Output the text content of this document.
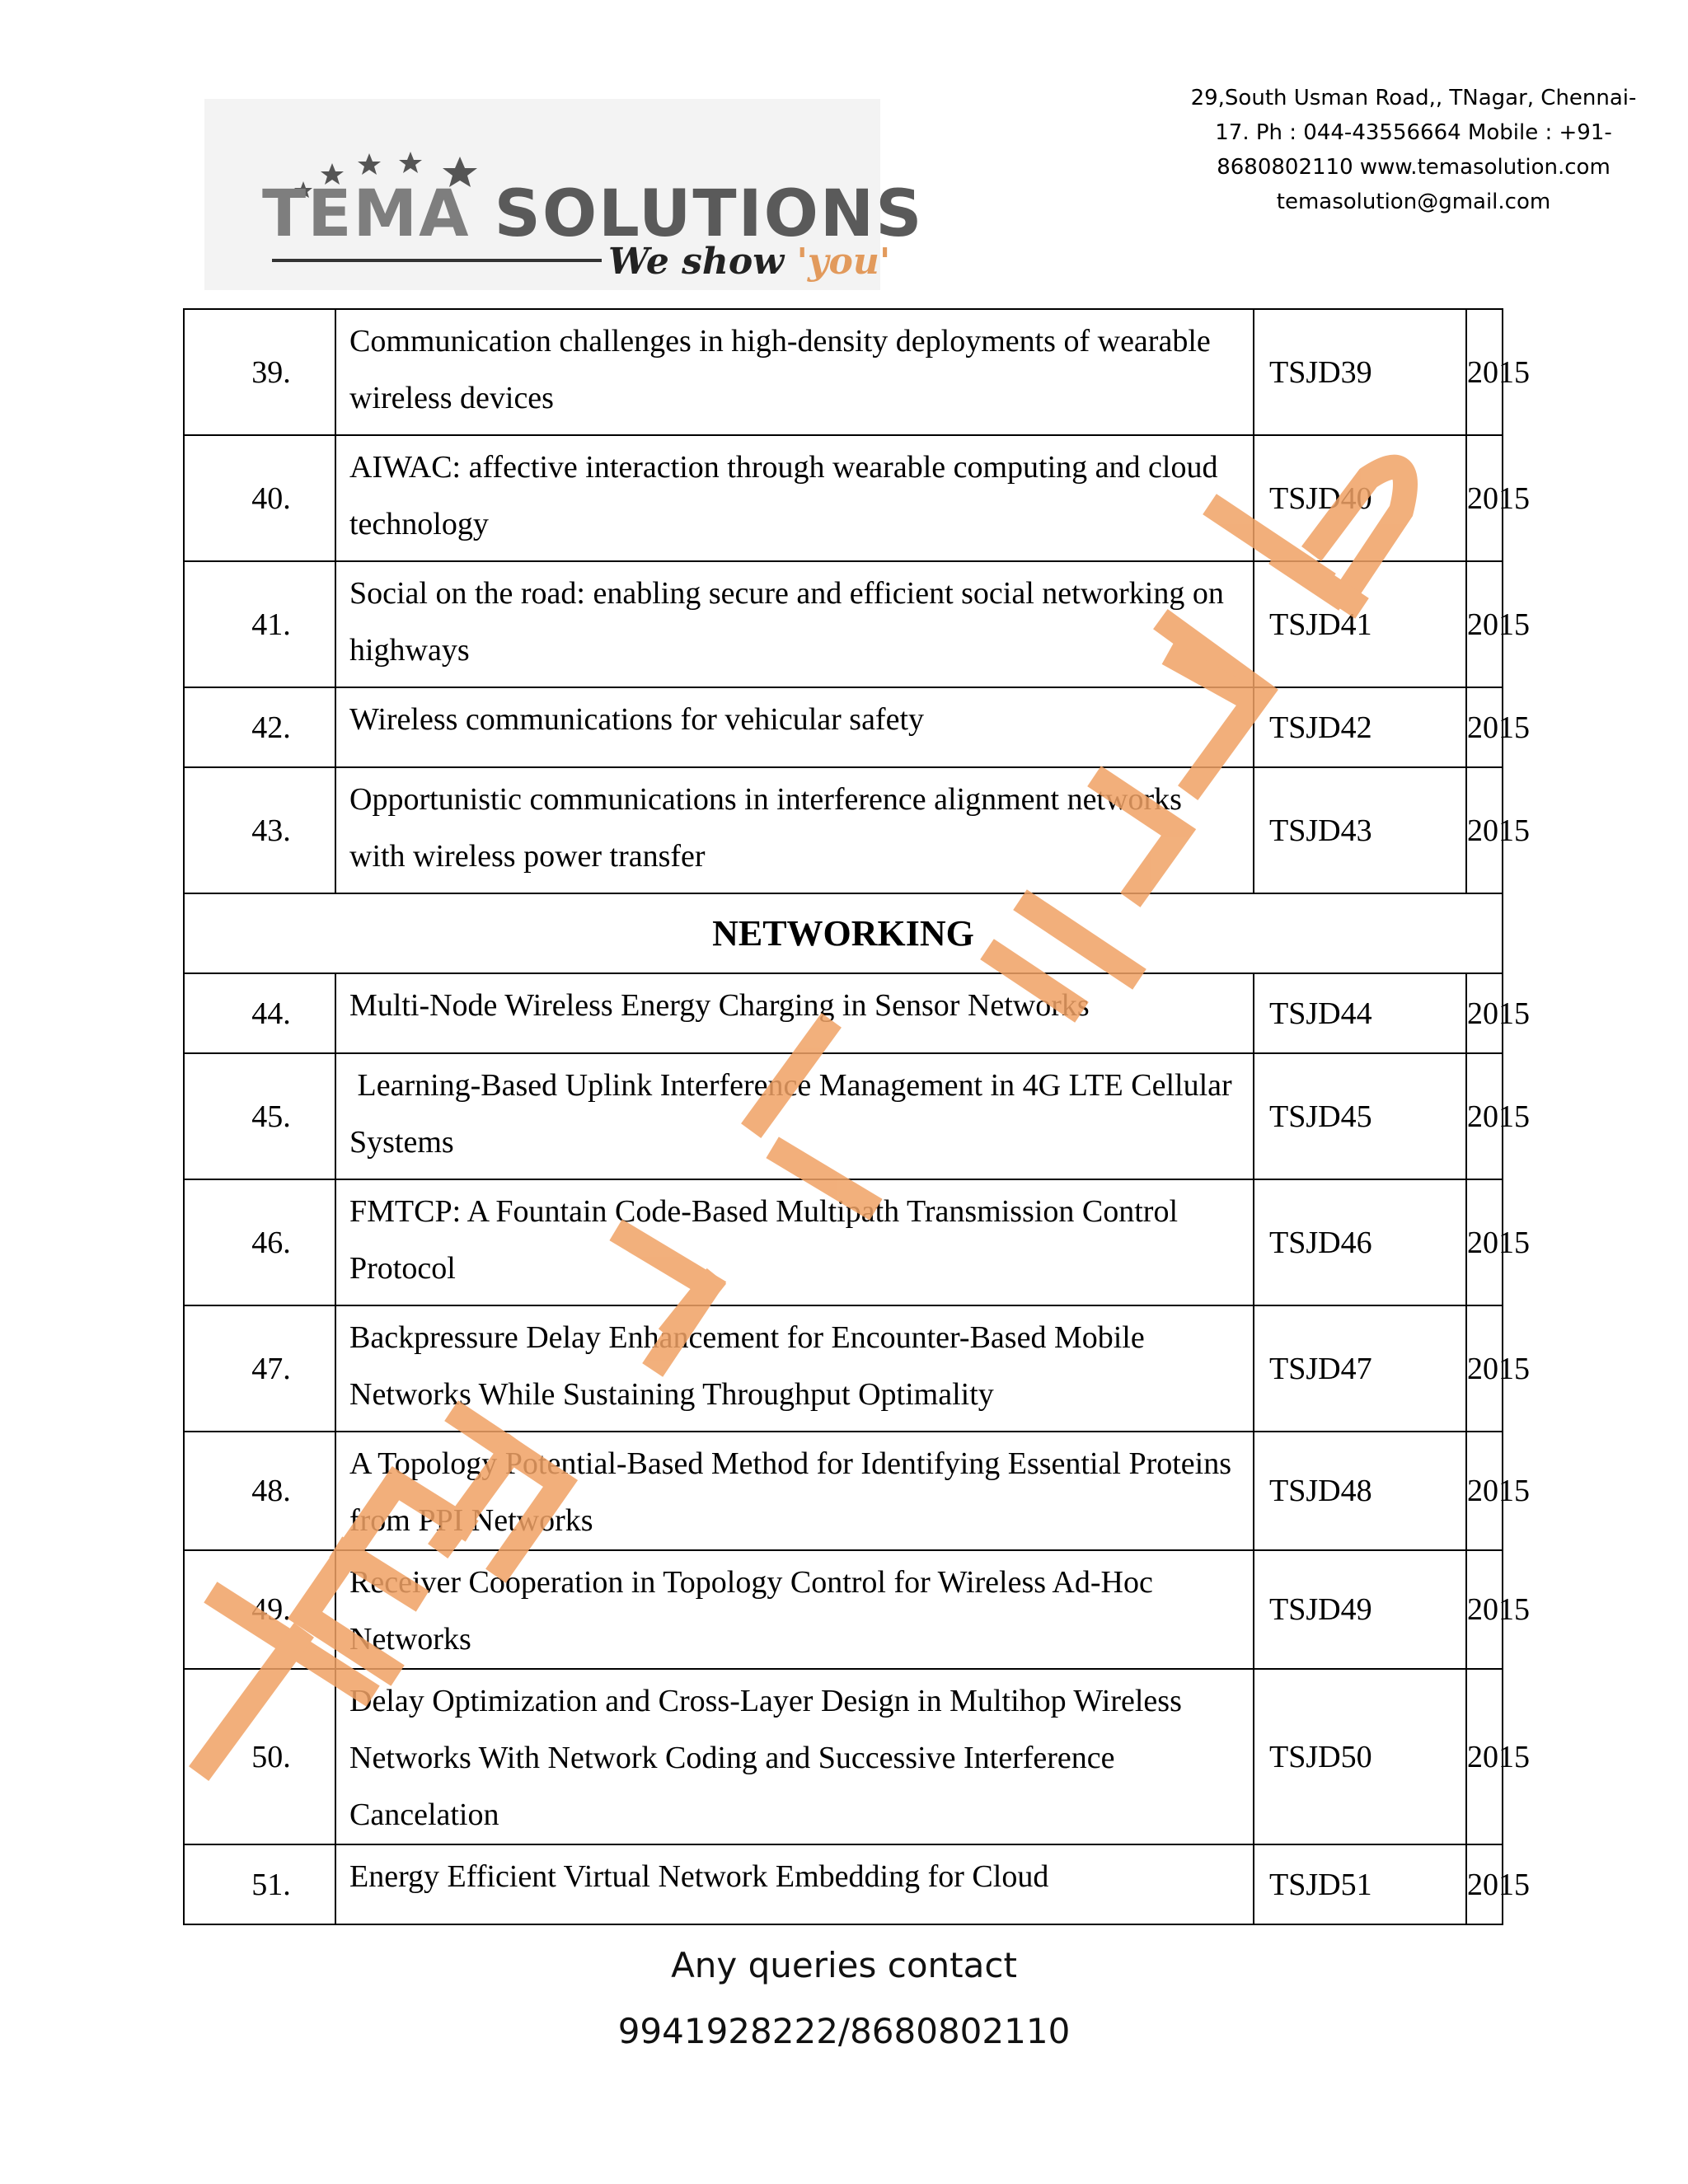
TEMA SOLUTIONS
We show 'you'
29,South Usman Road,, TNagar, Chennai-
17. Ph : 044-43556664 Mobile : +91-
8680802110 www.temasolution.com
temasolution@gmail.com
39.	Communication challenges in high-density deployments of wearable wireless devices	TSJD39	2015
40.	AIWAC: affective interaction through wearable computing and cloud technology	TSJD40	2015
41.	Social on the road: enabling secure and efficient social networking on highways	TSJD41	2015
42.	Wireless communications for vehicular safety	TSJD42	2015
43.	Opportunistic communications in interference alignment networks with wireless power transfer	TSJD43	2015
NETWORKING			
44.	Multi-Node Wireless Energy Charging in Sensor Networks	TSJD44	2015
45.	Learning-Based Uplink Interference Management in 4G LTE Cellular Systems	TSJD45	2015
46.	FMTCP: A Fountain Code-Based Multipath Transmission Control Protocol	TSJD46	2015
47.	Backpressure Delay Enhancement for Encounter-Based Mobile Networks While Sustaining Throughput Optimality	TSJD47	2015
48.	A Topology Potential-Based Method for Identifying Essential Proteins from PPI Networks	TSJD48	2015
49.	Receiver Cooperation in Topology Control for Wireless Ad-Hoc Networks	TSJD49	2015
50.	Delay Optimization and Cross-Layer Design in Multihop Wireless Networks With Network Coding and Successive Interference Cancelation	TSJD50	2015
51.	Energy Efficient Virtual Network Embedding for Cloud	TSJD51	2015
Any queries contact
9941928222/8680802110
